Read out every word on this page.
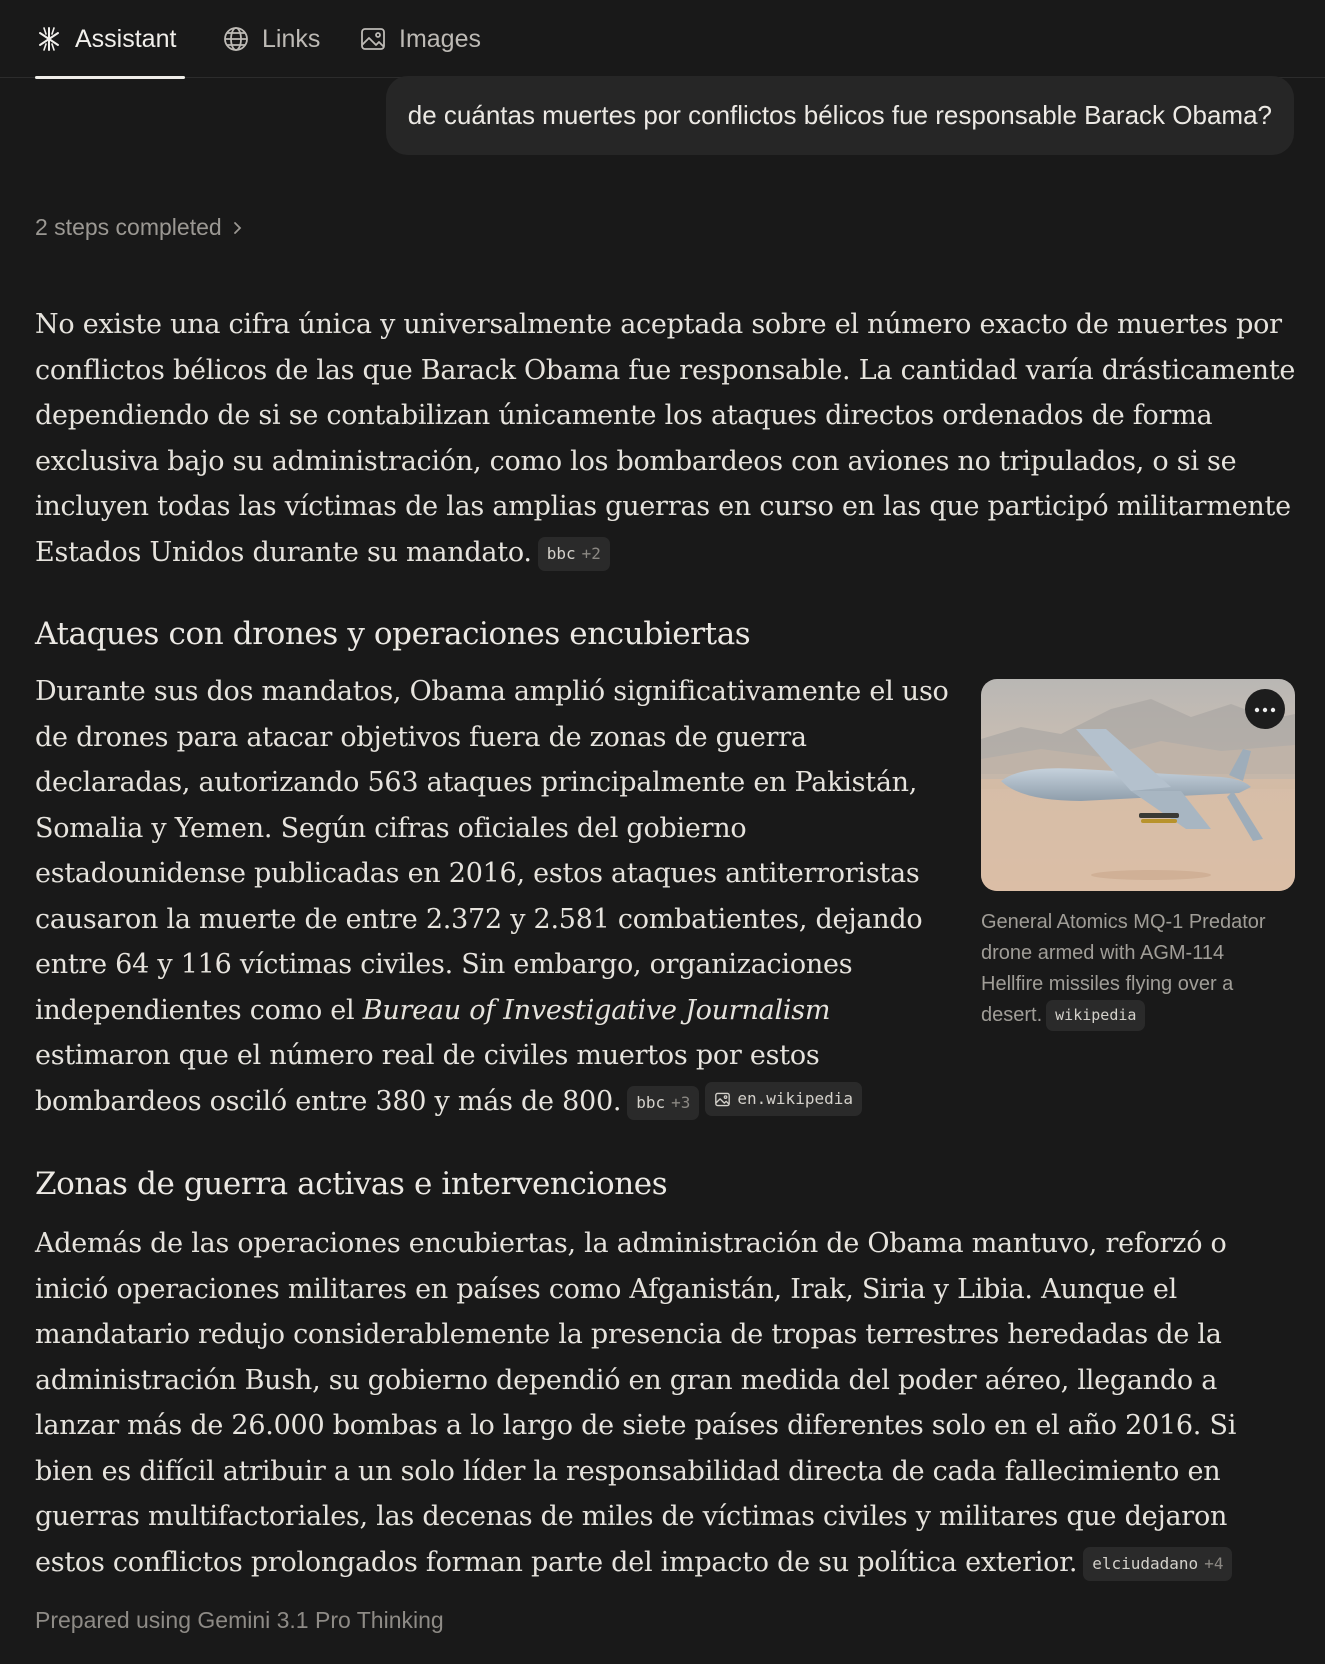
Assistant	Links	Images
de cuántas muertes por conflictos bélicos fue responsable Barack Obama?
2 steps completed

No existe una cifra única y universalmente aceptada sobre el número exacto de muertes por conflictos bélicos de las que Barack Obama fue responsable. La cantidad varía drásticamente dependiendo de si se contabilizan únicamente los ataques directos ordenados de forma exclusiva bajo su administración, como los bombardeos con aviones no tripulados, o si se incluyen todas las víctimas de las amplias guerras en curso en las que participó militarmente Estados Unidos durante su mandato. bbc +2

Ataques con drones y operaciones encubiertas

Durante sus dos mandatos, Obama amplió significativamente el uso de drones para atacar objetivos fuera de zonas de guerra declaradas, autorizando 563 ataques principalmente en Pakistán, Somalia y Yemen. Según cifras oficiales del gobierno estadounidense publicadas en 2016, estos ataques antiterroristas causaron la muerte de entre 2.372 y 2.581 combatientes, dejando entre 64 y 116 víctimas civiles. Sin embargo, organizaciones independientes como el Bureau of Investigative Journalism estimaron que el número real de civiles muertos por estos bombardeos osciló entre 380 y más de 800. bbc +3	en.wikipedia

General Atomics MQ-1 Predator drone armed with AGM-114 Hellfire missiles flying over a desert. wikipedia

Zonas de guerra activas e intervenciones

Además de las operaciones encubiertas, la administración de Obama mantuvo, reforzó o inició operaciones militares en países como Afganistán, Irak, Siria y Libia. Aunque el mandatario redujo considerablemente la presencia de tropas terrestres heredadas de la administración Bush, su gobierno dependió en gran medida del poder aéreo, llegando a lanzar más de 26.000 bombas a lo largo de siete países diferentes solo en el año 2016. Si bien es difícil atribuir a un solo líder la responsabilidad directa de cada fallecimiento en guerras multifactoriales, las decenas de miles de víctimas civiles y militares que dejaron estos conflictos prolongados forman parte del impacto de su política exterior. elciudadano +4

Prepared using Gemini 3.1 Pro Thinking
